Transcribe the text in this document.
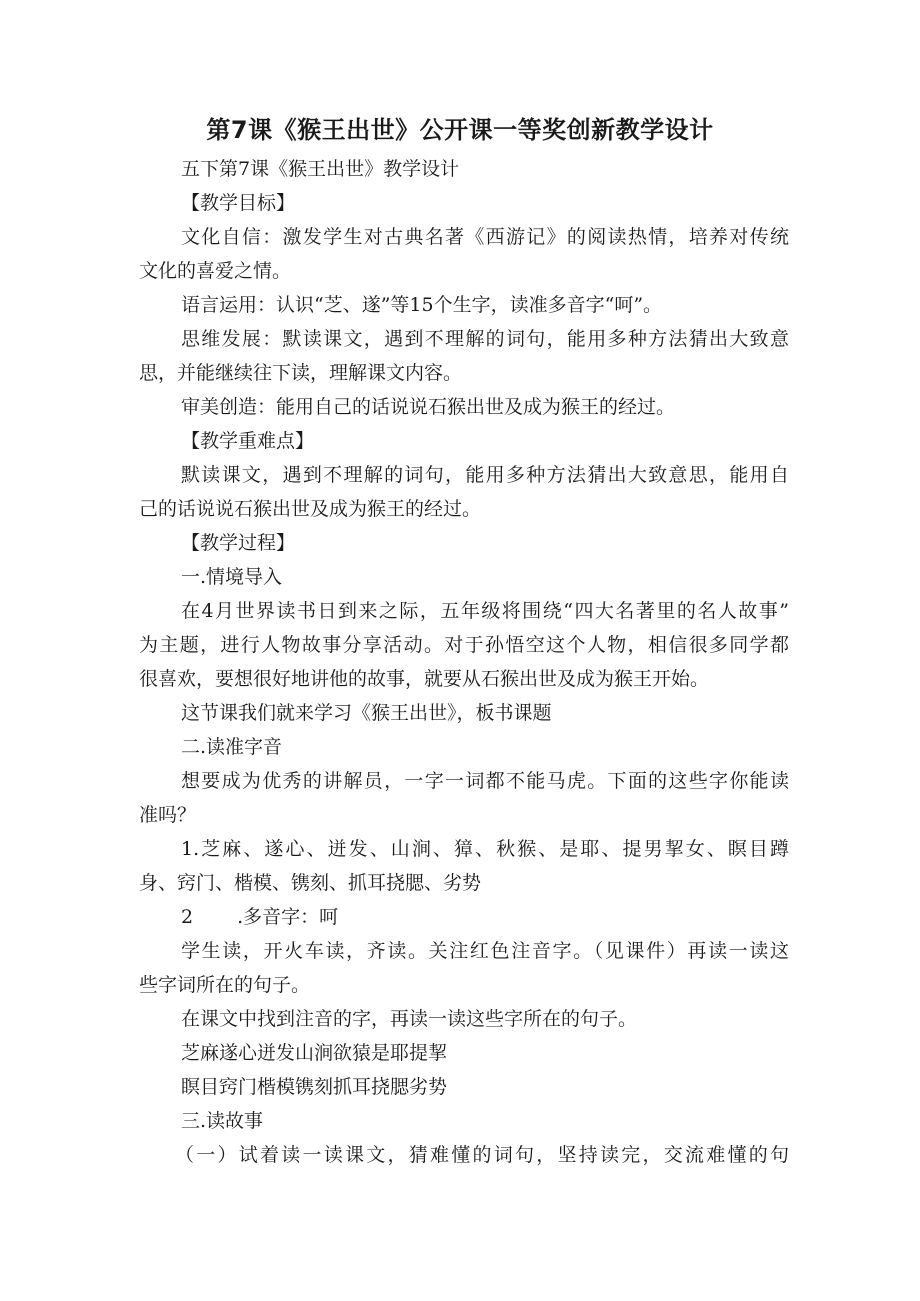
第7课《猴王出世》公开课一等奖创新教学设计
五下第7课《猴王出世》教学设计
【教学目标】
文化自信：激发学生对古典名著《西游记》的阅读热情，培养对传统
文化的喜爱之情。
语言运用：认识“芝、遂”等15个生字，读准多音字“呵”。
思维发展：默读课文，遇到不理解的词句，能用多种方法猜出大致意
思，并能继续往下读，理解课文内容。
审美创造：能用自己的话说说石猴出世及成为猴王的经过。
【教学重难点】
默读课文，遇到不理解的词句，能用多种方法猜出大致意思，能用自
己的话说说石猴出世及成为猴王的经过。
【教学过程】
一.情境导入
在4月世界读书日到来之际，五年级将围绕“四大名著里的名人故事”
为主题，进行人物故事分享活动。对于孙悟空这个人物，相信很多同学都
很喜欢，要想很好地讲他的故事，就要从石猴出世及成为猴王开始。
这节课我们就来学习《猴王出世》，板书课题
二.读准字音
想要成为优秀的讲解员，一字一词都不能马虎。下面的这些字你能读
准吗？
1.芝麻、遂心、迸发、山涧、獐、秋猴、是耶、提男挈女、瞑目蹲
身、窍门、楷模、镌刻、抓耳挠腮、劣势
2 .多音字：呵
学生读，开火车读，齐读。关注红色注音字。（见课件）再读一读这
些字词所在的句子。
在课文中找到注音的字，再读一读这些字所在的句子。
芝麻遂心迸发山涧欲猿是耶提挈
瞑目窍门楷模镌刻抓耳挠腮劣势
三.读故事
（一）试着读一读课文，猜难懂的词句，坚持读完，交流难懂的句
